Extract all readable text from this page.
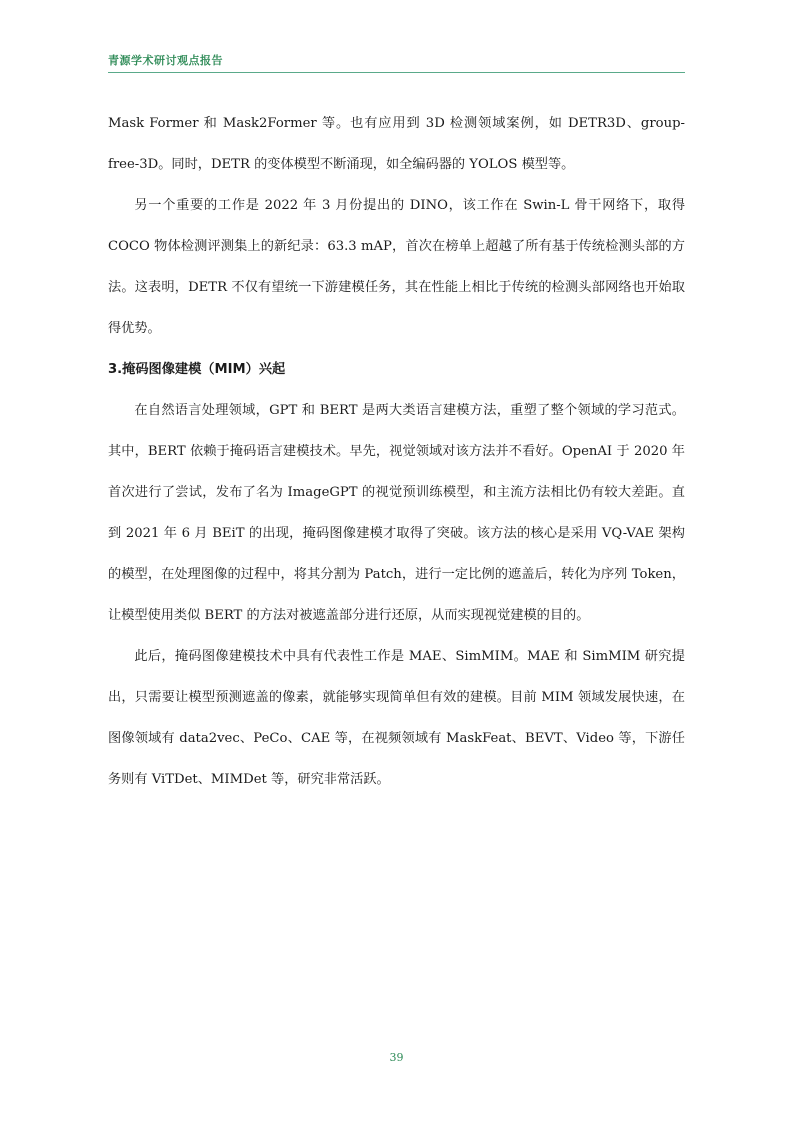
青源学术研讨观点报告

Mask Former 和 Mask2Former 等。也有应用到 3D 检测领域案例，如 DETR3D、group-free-3D。同时，DETR 的变体模型不断涌现，如全编码器的 YOLOS 模型等。

另一个重要的工作是 2022 年 3 月份提出的 DINO，该工作在 Swin-L 骨干网络下，取得 COCO 物体检测评测集上的新纪录：63.3 mAP，首次在榜单上超越了所有基于传统检测头部的方法。这表明，DETR 不仅有望统一下游建模任务，其在性能上相比于传统的检测头部网络也开始取得优势。

3.掩码图像建模（MIM）兴起

在自然语言处理领域，GPT 和 BERT 是两大类语言建模方法，重塑了整个领域的学习范式。其中，BERT 依赖于掩码语言建模技术。早先，视觉领域对该方法并不看好。OpenAI 于 2020 年首次进行了尝试，发布了名为 ImageGPT 的视觉预训练模型，和主流方法相比仍有较大差距。直到 2021 年 6 月 BEiT 的出现，掩码图像建模才取得了突破。该方法的核心是采用 VQ-VAE 架构的模型，在处理图像的过程中，将其分割为 Patch，进行一定比例的遮盖后，转化为序列 Token，让模型使用类似 BERT 的方法对被遮盖部分进行还原，从而实现视觉建模的目的。

此后，掩码图像建模技术中具有代表性工作是 MAE、SimMIM。MAE 和 SimMIM 研究提出，只需要让模型预测遮盖的像素，就能够实现简单但有效的建模。目前 MIM 领域发展快速，在图像领域有 data2vec、PeCo、CAE 等，在视频领域有 MaskFeat、BEVT、Video 等，下游任务则有 ViTDet、MIMDet 等，研究非常活跃。

39
